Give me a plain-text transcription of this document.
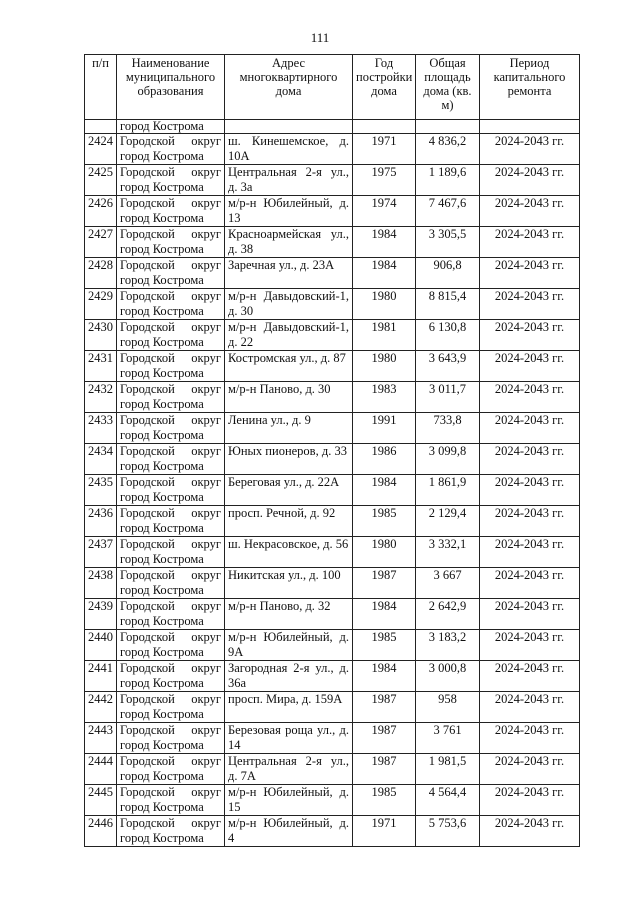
111
п/п	Наименование муниципального образования	Адрес многоквартирного дома	Год постройки дома	Общая площадь дома (кв. м)	Период капитального ремонта
	город Кострома				
2424	Городской округ город Кострома	ш. Кинешемское, д. 10А	1971	4 836,2	2024-2043 гг.
2425	Городской округ город Кострома	Центральная 2-я ул., д. 3а	1975	1 189,6	2024-2043 гг.
2426	Городской округ город Кострома	м/р-н Юбилейный, д. 13	1974	7 467,6	2024-2043 гг.
2427	Городской округ город Кострома	Красноармейская ул., д. 38	1984	3 305,5	2024-2043 гг.
2428	Городской округ город Кострома	Заречная ул., д. 23А	1984	906,8	2024-2043 гг.
2429	Городской округ город Кострома	м/р-н Давыдовский-1, д. 30	1980	8 815,4	2024-2043 гг.
2430	Городской округ город Кострома	м/р-н Давыдовский-1, д. 22	1981	6 130,8	2024-2043 гг.
2431	Городской округ город Кострома	Костромская ул., д. 87	1980	3 643,9	2024-2043 гг.
2432	Городской округ город Кострома	м/р-н Паново, д. 30	1983	3 011,7	2024-2043 гг.
2433	Городской округ город Кострома	Ленина ул., д. 9	1991	733,8	2024-2043 гг.
2434	Городской округ город Кострома	Юных пионеров, д. 33	1986	3 099,8	2024-2043 гг.
2435	Городской округ город Кострома	Береговая ул., д. 22А	1984	1 861,9	2024-2043 гг.
2436	Городской округ город Кострома	просп. Речной, д. 92	1985	2 129,4	2024-2043 гг.
2437	Городской округ город Кострома	ш. Некрасовское, д. 56	1980	3 332,1	2024-2043 гг.
2438	Городской округ город Кострома	Никитская ул., д. 100	1987	3 667	2024-2043 гг.
2439	Городской округ город Кострома	м/р-н Паново, д. 32	1984	2 642,9	2024-2043 гг.
2440	Городской округ город Кострома	м/р-н Юбилейный, д. 9А	1985	3 183,2	2024-2043 гг.
2441	Городской округ город Кострома	Загородная 2-я ул., д. 36а	1984	3 000,8	2024-2043 гг.
2442	Городской округ город Кострома	просп. Мира, д. 159А	1987	958	2024-2043 гг.
2443	Городской округ город Кострома	Березовая роща ул., д. 14	1987	3 761	2024-2043 гг.
2444	Городской округ город Кострома	Центральная 2-я ул., д. 7А	1987	1 981,5	2024-2043 гг.
2445	Городской округ город Кострома	м/р-н Юбилейный, д. 15	1985	4 564,4	2024-2043 гг.
2446	Городской округ город Кострома	м/р-н Юбилейный, д. 4	1971	5 753,6	2024-2043 гг.
